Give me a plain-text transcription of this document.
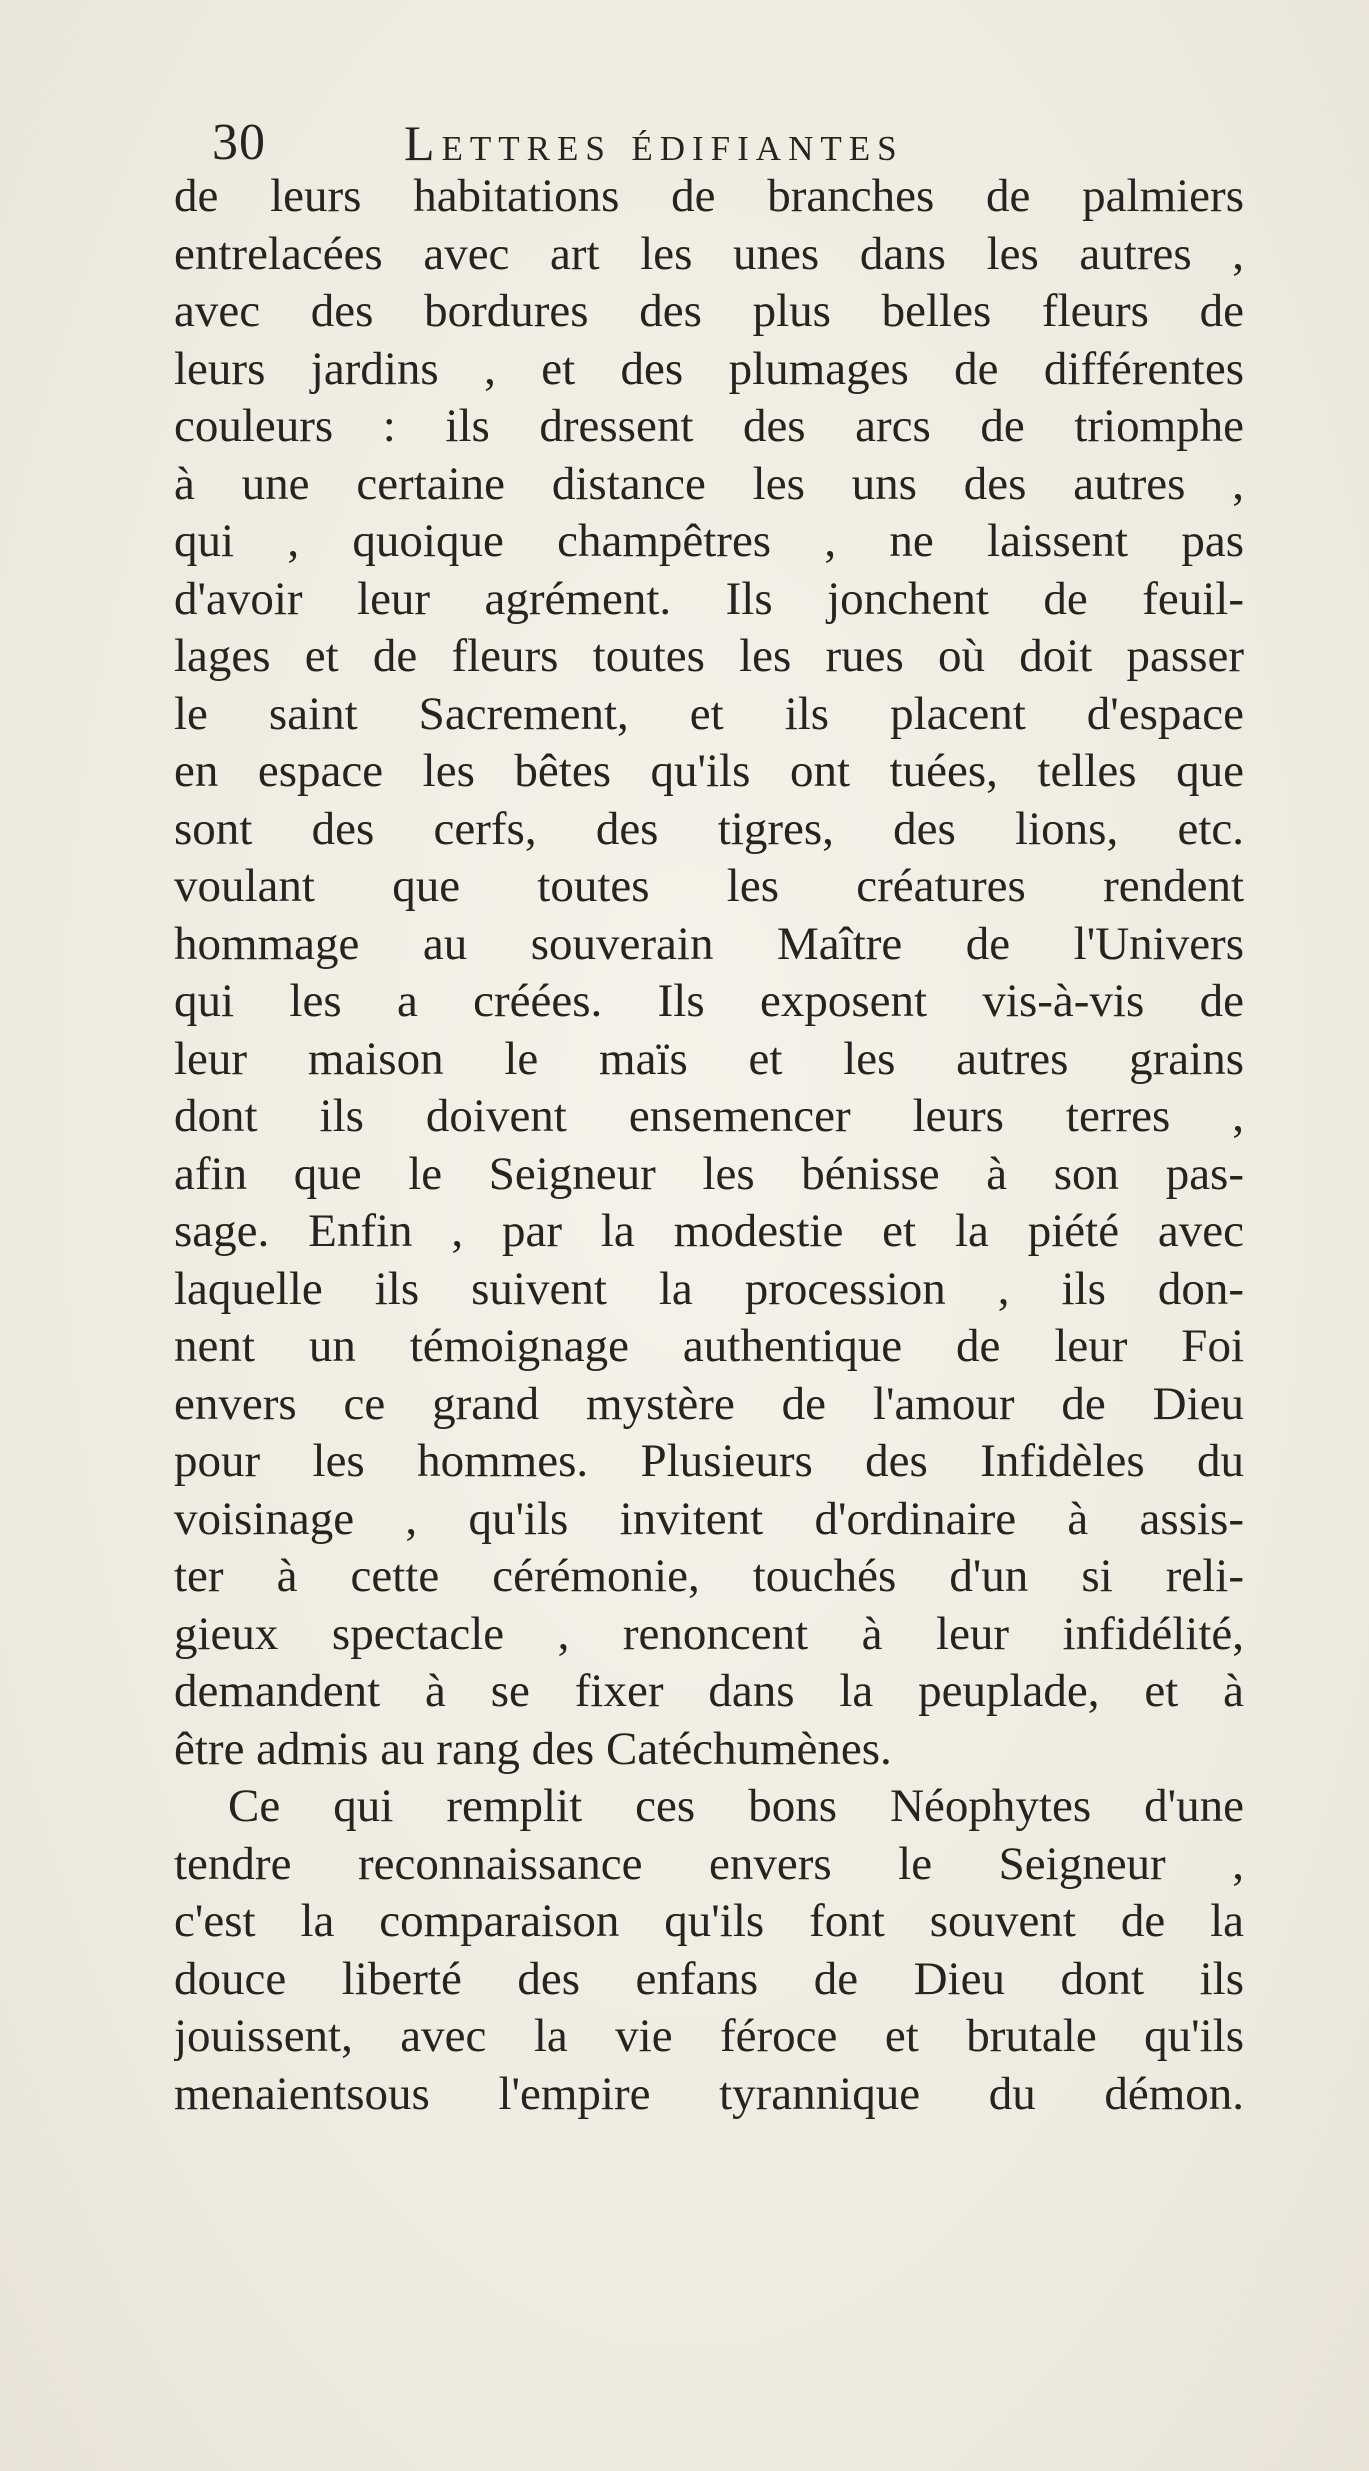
30	Lettres édifiantes
de leurs habitations de branches de palmiers
entrelacées avec art les unes dans les autres ,
avec des bordures des plus belles fleurs de
leurs jardins , et des plumages de différentes
couleurs : ils dressent des arcs de triomphe
à une certaine distance les uns des autres ,
qui , quoique champêtres , ne laissent pas
d'avoir leur agrément. Ils jonchent de feuil-
lages et de fleurs toutes les rues où doit passer
le saint Sacrement, et ils placent d'espace
en espace les bêtes qu'ils ont tuées, telles que
sont des cerfs, des tigres, des lions, etc.
voulant que toutes les créatures rendent
hommage au souverain Maître de l'Univers
qui les a créées. Ils exposent vis-à-vis de
leur maison le maïs et les autres grains
dont ils doivent ensemencer leurs terres ,
afin que le Seigneur les bénisse à son pas-
sage. Enfin , par la modestie et la piété avec
laquelle ils suivent la procession , ils don-
nent un témoignage authentique de leur Foi
envers ce grand mystère de l'amour de Dieu
pour les hommes. Plusieurs des Infidèles du
voisinage , qu'ils invitent d'ordinaire à assis-
ter à cette cérémonie, touchés d'un si reli-
gieux spectacle , renoncent à leur infidélité,
demandent à se fixer dans la peuplade, et à
être admis au rang des Catéchumènes.
Ce qui remplit ces bons Néophytes d'une
tendre reconnaissance envers le Seigneur ,
c'est la comparaison qu'ils font souvent de la
douce liberté des enfans de Dieu dont ils
jouissent, avec la vie féroce et brutale qu'ils
menaientsous l'empire tyrannique du démon.
